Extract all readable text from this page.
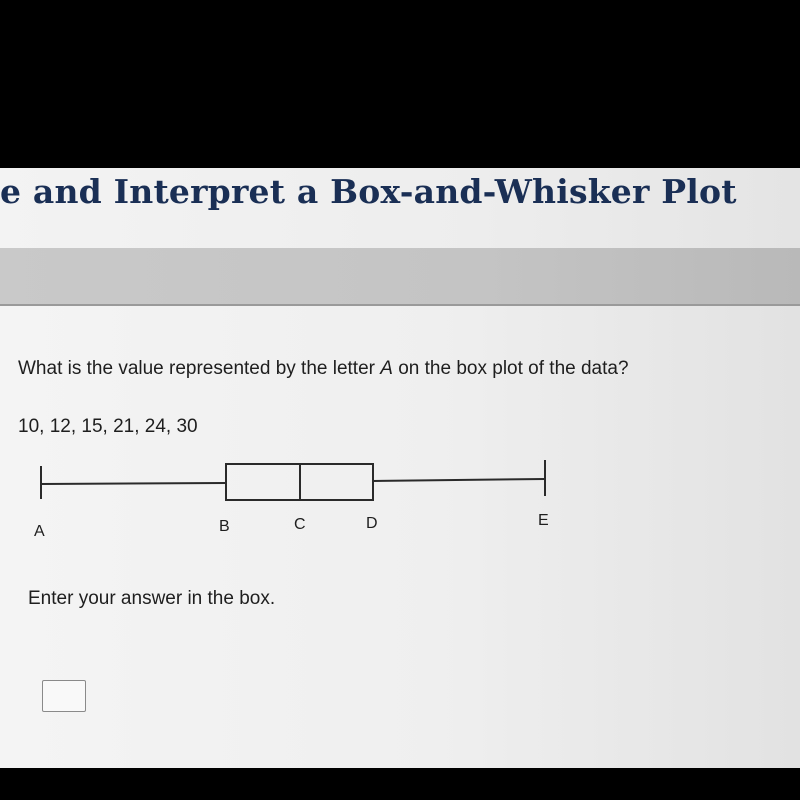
e and Interpret a Box-and-Whisker Plot

What is the value represented by the letter A on the box plot of the data?

10, 12, 15, 21, 24, 30

A	B	C	D	E

Enter your answer in the box.
